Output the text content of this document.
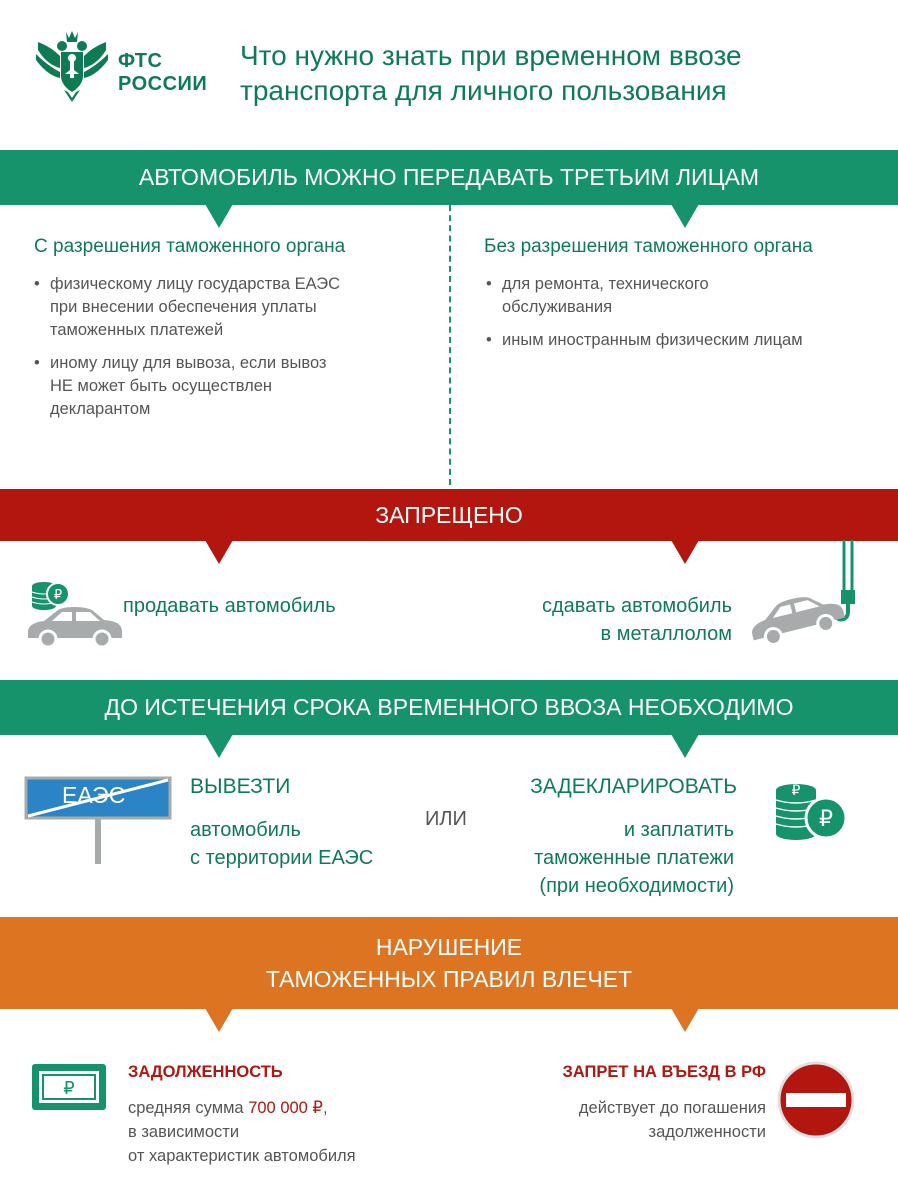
ФТС
РОССИИ
Что нужно знать при временном ввозе
транспорта для личного пользования
АВТОМОБИЛЬ МОЖНО ПЕРЕДАВАТЬ ТРЕТЬИМ ЛИЦАМ
С разрешения таможенного органа
• физическому лицу государства ЕАЭС
при внесении обеспечения уплаты
таможенных платежей
• иному лицу для вывоза, если вывоз
НЕ может быть осуществлен
декларантом
Без разрешения таможенного органа
• для ремонта, технического
обслуживания
• иным иностранным физическим лицам
ЗАПРЕЩЕНО
₽	продавать автомобиль	сдавать автомобиль
в металлолом
ДО ИСТЕЧЕНИЯ СРОКА ВРЕМЕННОГО ВВОЗА НЕОБХОДИМО
ЕАЭС	ВЫВЕЗТИ
автомобиль
с территории ЕАЭС
ИЛИ
ЗАДЕКЛАРИРОВАТЬ
и заплатить
таможенные платежи
(при необходимости)
₽
₽
НАРУШЕНИЕ
ТАМОЖЕННЫХ ПРАВИЛ ВЛЕЧЕТ
₽
ЗАДОЛЖЕННОСТЬ
средняя сумма 700 000 ₽,
в зависимости
от характеристик автомобиля
ЗАПРЕТ НА ВЪЕЗД В РФ
действует до погашения
задолженности
